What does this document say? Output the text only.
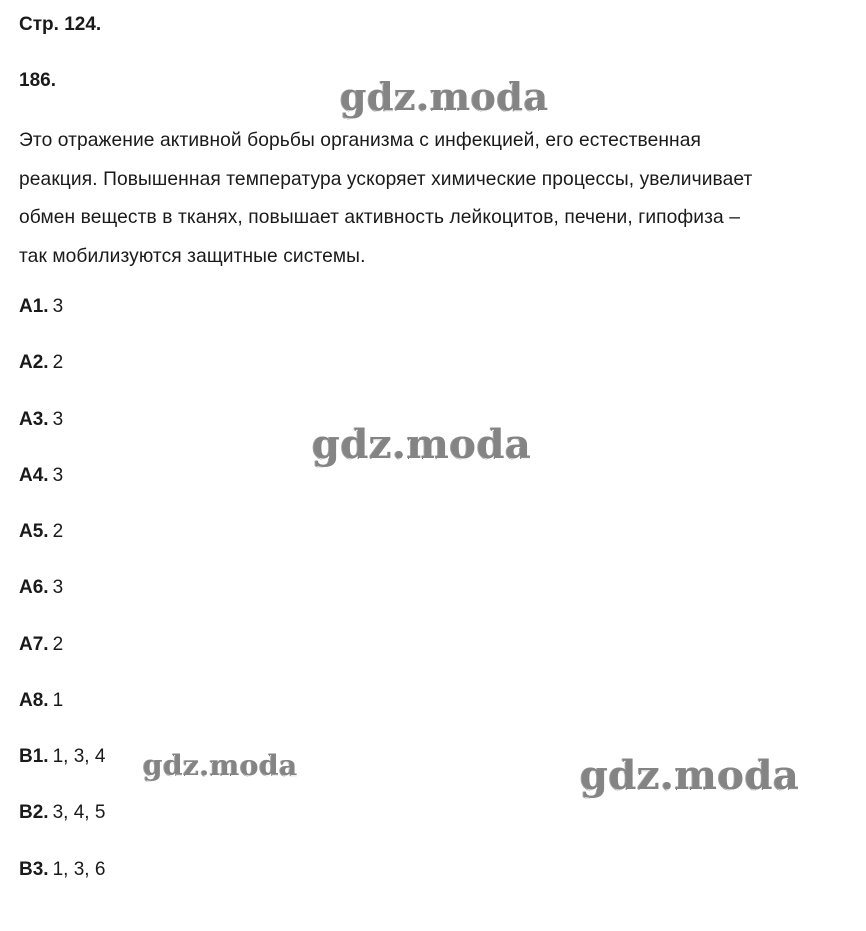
Стр. 124.
186.
Это отражение активной борьбы организма с инфекцией, его естественная
реакция. Повышенная температура ускоряет химические процессы, увеличивает
обмен веществ в тканях, повышает активность лейкоцитов, печени, гипофиза –
так мобилизуются защитные системы.
А1. 3
А2. 2
А3. 3
А4. 3
А5. 2
А6. 3
А7. 2
А8. 1
В1. 1, 3, 4
В2. 3, 4, 5
В3. 1, 3, 6
gdz.moda
gdz.moda
gdz.moda	gdz.moda
